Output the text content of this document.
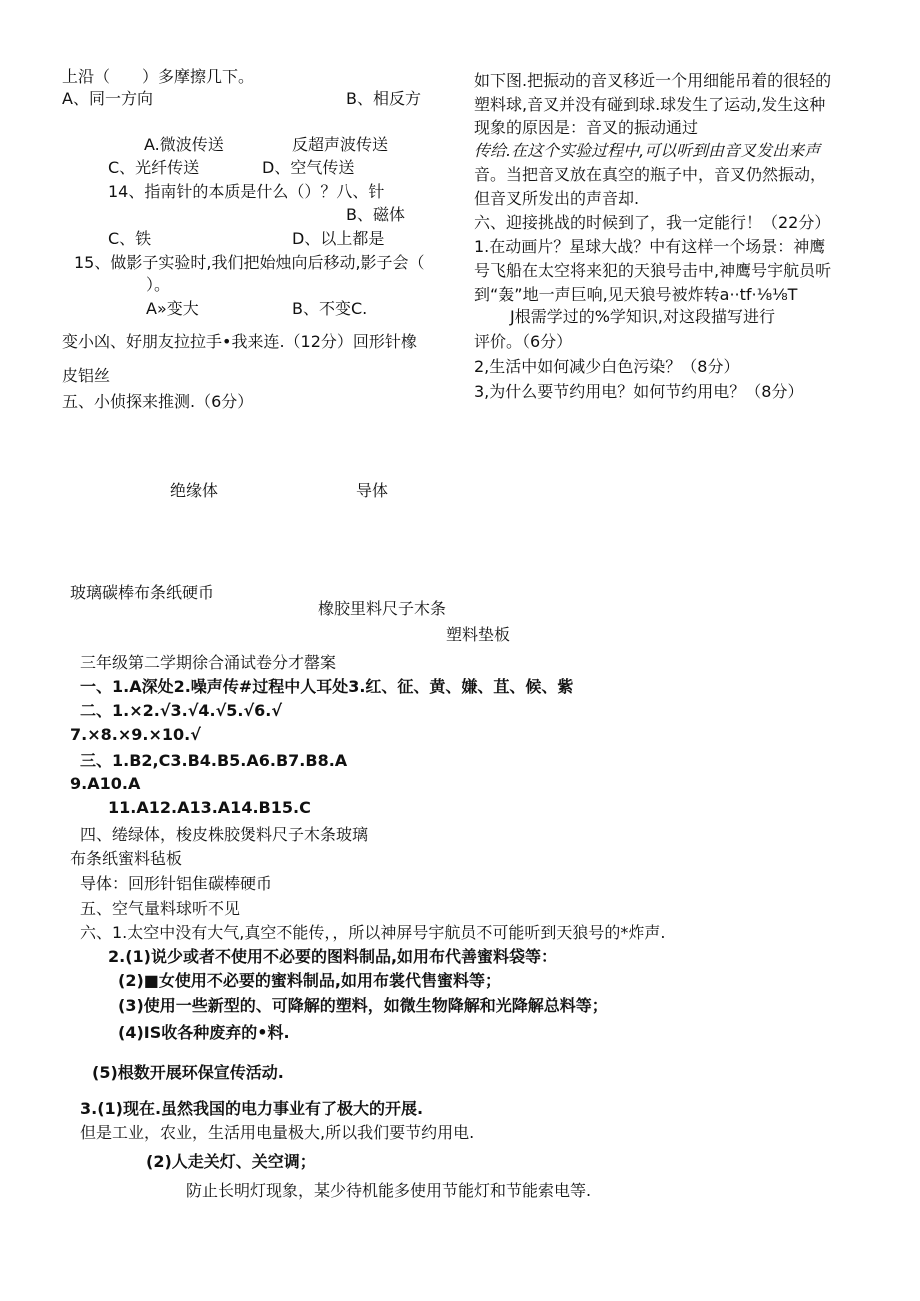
上沿（　　）多摩擦几下。
A、同一方向	B、相反方
A.微波传送	反超声波传送
C、光纤传送	D、空气传送
14、指南针的本质是什么（）？八、针
B、磁体
C、铁	D、以上都是
15、做影子实验时,我们把始烛向后移动,影子会（
）。
A»变大	B、不变C.
变小凶、好朋友拉拉手•我来连.（12分）回形针橡
皮铝丝
五、小侦探来推测.（6分）
如下图.把振动的音叉移近一个用细能吊着的很轻的
塑料球,音叉并没有碰到球.球发生了运动,发生这种
现象的原因是：音叉的振动通过
传给.在这个实验过程中,可以听到由音叉发出来声
音。当把音叉放在真空的瓶子中，音叉仍然振动，
但音叉所发出的声音却.
六、迎接挑战的时候到了，我一定能行！（22分）
1.在动画片？星球大战？中有这样一个场景：神鹰
号飞船在太空将来犯的天狼号击中,神鹰号宇航员听
到“轰”地一声巨响,见天狼号被炸转a··tf·⅛⅛T
J根需学过的%学知识,对这段描写进行
评价。（6分）
2,生活中如何减少白色污染？（8分）
3,为什么要节约用电？如何节约用电？（8分）
绝缘体	导体
玻璃碳棒布条纸硬币
橡胶里料尺子木条
塑料垫板
三年级第二学期徐合涌试卷分才罄案
一、1.A深处2.噪声传#过程中人耳处3.红、征、黄、嫌、苴、候、紫
二、1.×2.√3.√4.√5.√6.√
7.×8.×9.×10.√
三、1.B2,C3.B4.B5.A6.B7.B8.A
9.A10.A
11.A12.A13.A14.B15.C
四、绻绿体，梭皮株胶煲料尺子木条玻璃
布条纸蜜料毡板
导体：回形针铝隹碳棒硬币
五、空气量料球听不见
六、1.太空中没有大气,真空不能传，，所以神屏号宇航员不可能听到天狼号的*炸声.
2.(1)说少或者不使用不必要的图料制品,如用布代善蜜料袋等：
(2)■女使用不必要的蜜料制品,如用布裳代售蜜料等；
(3)使用一些新型的、可降解的塑料，如微生物降解和光降解总料等；
(4)IS收各种废弃的•料.
(5)根数开展环保宣传活动.
3.(1)现在.虽然我国的电力事业有了极大的开展.
但是工业，农业，生活用电量极大,所以我们要节约用电.
(2)人走关灯、关空调；
防止长明灯现象，某少待机能多使用节能灯和节能索电等.
